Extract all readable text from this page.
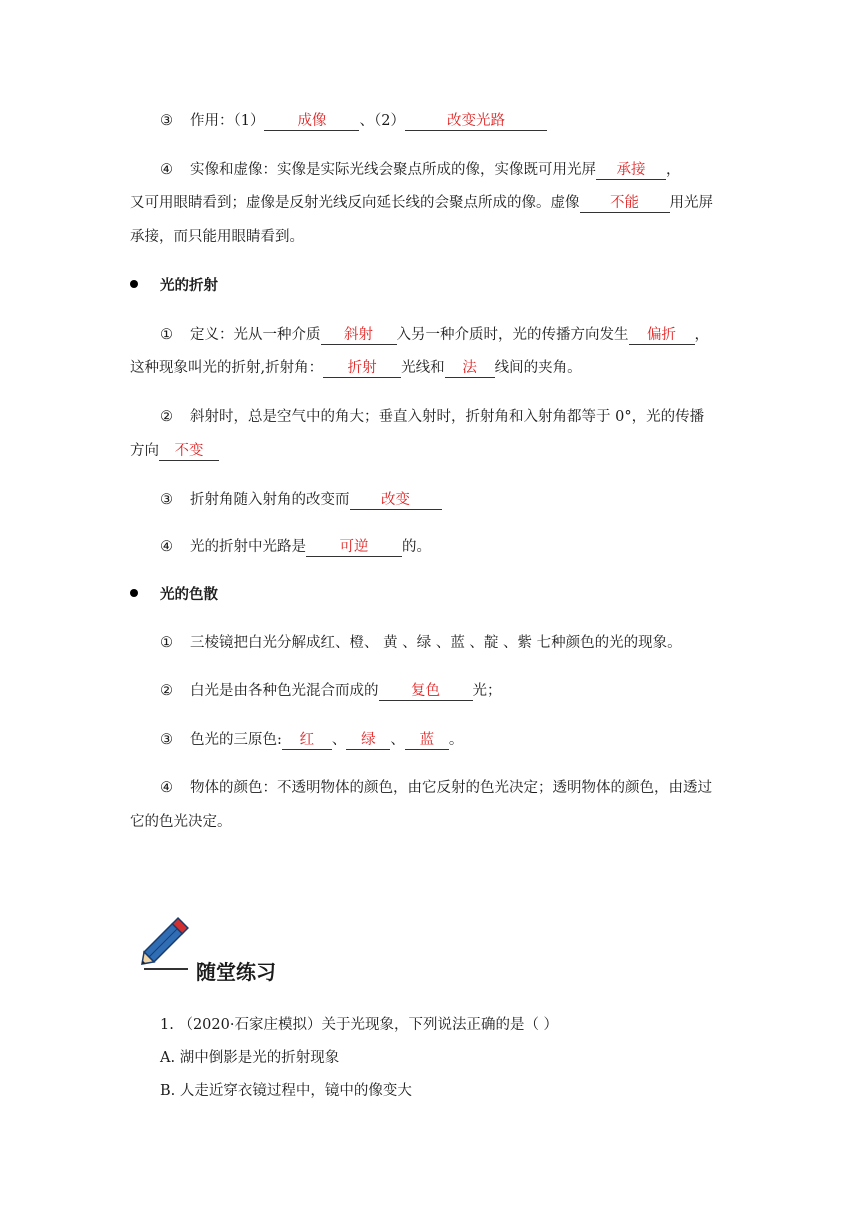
③ 作用：（1） 成像 、（2）	改变光路
④ 实像和虚像：实像是实际光线会聚点所成的像，实像既可用光屏 承接 ，
又可用眼睛看到；虚像是反射光线反向延长线的会聚点所成的像。虚像 不能 用光屏
承接，而只能用眼睛看到。
光的折射
① 定义：光从一种介质 斜射 入另一种介质时，光的传播方向发生 偏折 ，
这种现象叫光的折射,折射角： 折射 光线和 法 线间的夹角。
② 斜射时，总是空气中的角大；垂直入射时，折射角和入射角都等于 0°，光的传播
方向 不变
③ 折射角随入射角的改变而 改变
④ 光的折射中光路是 可逆 的。
光的色散
① 三棱镜把白光分解成红、橙、 黄 、绿 、蓝 、靛 、紫 七种颜色的光的现象。
② 白光是由各种色光混合而成的 复色 光；
③ 色光的三原色: 红 、 绿 、 蓝 。
④ 物体的颜色：不透明物体的颜色，由它反射的色光决定；透明物体的颜色，由透过
它的色光决定。
随堂练习
1. （2020·石家庄模拟）关于光现象，下列说法正确的是（ ）
A. 湖中倒影是光的折射现象
B. 人走近穿衣镜过程中，镜中的像变大
